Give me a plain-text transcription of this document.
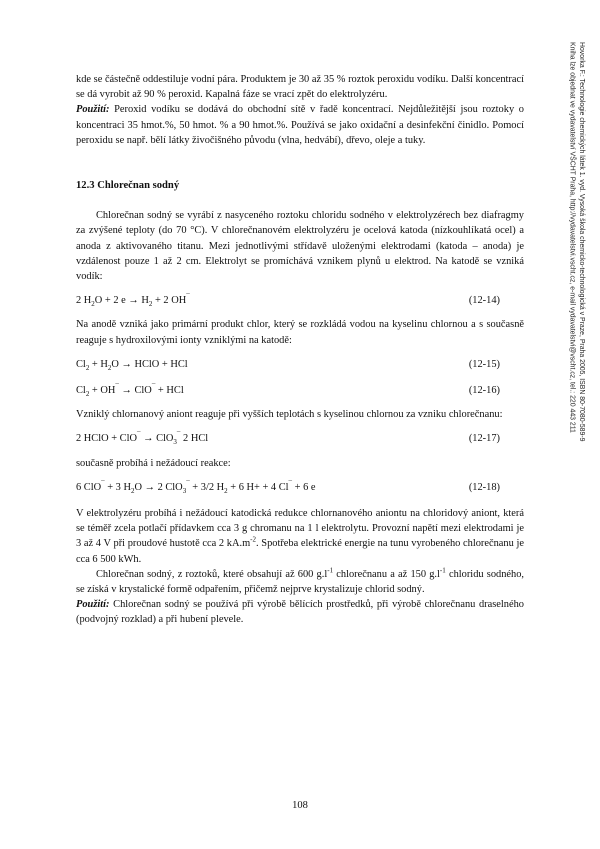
kde se částečně oddestiluje vodní pára. Produktem je 30 až 35 % roztok peroxidu vodíku. Další koncentrací se dá vyrobit až 90 % peroxid. Kapalná fáze se vrací zpět do elektrolyzéru.

Použití: Peroxid vodíku se dodává do obchodní sítě v řadě koncentrací. Nejdůležitější jsou roztoky o koncentraci 35 hmot.%, 50 hmot. % a 90 hmot.%. Používá se jako oxidační a desinfekční činidlo. Pomocí peroxidu se např. bělí látky živočišného původu (vlna, hedvábí), dřevo, oleje a tuky.

12.3 Chlorečnan sodný

Chlorečnan sodný se vyrábí z nasyceného roztoku chloridu sodného v elektrolyzérech bez diafragmy za zvýšené teploty (do 70 °C). V chlorečnanovém elektrolyzéru je ocelová katoda (nízkouhlíkatá ocel) a anoda z aktivovaného titanu. Mezi jednotlivými střídavě uloženými elektrodami (katoda – anoda) je vzdálenost pouze 1 až 2 cm. Elektrolyt se promíchává vznikem plynů u elektrod. Na katodě se vzniká vodík:

2 $H_2O + 2$ $e \to H_2 + 2$ OH¯	(12-14)

Na anodě vzniká jako primární produkt chlor, který se rozkládá vodou na kyselinu chlornou a s současně reaguje s hydroxilovými ionty vzniklými na katodě:

$Cl_2 + H_2O$ → HClO + HCl	(12-15)
$Cl_2 + OH^¯ \to ClO^¯$ + HCl	(12-16)

Vzniklý chlornanový aniont reaguje při vyšších teplotách s kyselinou chlornou za vzniku chlorečnanu:

2 HClO + ClO¯ → ClO$_3$¯ 2 HCl	(12-17)

současně probíhá i nežádoucí reakce:

6 ClO¯ + 3 $H_2O \to 2$ ClO$_3$¯ + 3/2 $H_2 + 6$ H+ + 4 Cl¯ + 6 e	(12-18)

V elektrolyzéru probíhá i nežádoucí katodická redukce chlornanového aniontu na chloridový aniont, která se téměř zcela potlačí přídavkem cca 3 g chromanu na 1 l elektrolytu. Provozní napětí mezi elektrodami je 3 až 4 V při proudové hustotě cca 2 $kA.m^{-2}$. Spotřeba elektrické energie na tunu vyrobeného chlorečnanu je cca 6 500 kWh.

Chlorečnan sodný, z roztoků, které obsahují až 600 $g.l^{-1}$ chlorečnanu a až 150 $g.l^{-1}$ chloridu sodného, se získá v krystalické formě odpařením, přičemž nejprve krystalizuje chlorid sodný.

Použití: Chlorečnan sodný se používá při výrobě bělících prostředků, při výrobě chlorečnanu draselného (podvojný rozklad) a při hubení plevele.

Hovorka F.: Technologie chemických látek 1. vyd. Vysoká škola chemicko-technologická v Praze, Praha 2005, ISBN 80-7080-589-9
Kniha lze objednat ve vydavatelství VŠCHT Praha, http://vydavatelstvi.vscht.cz, e-mail vydavatelstvi@vscht.cz, tel.: 220 443 211
108
